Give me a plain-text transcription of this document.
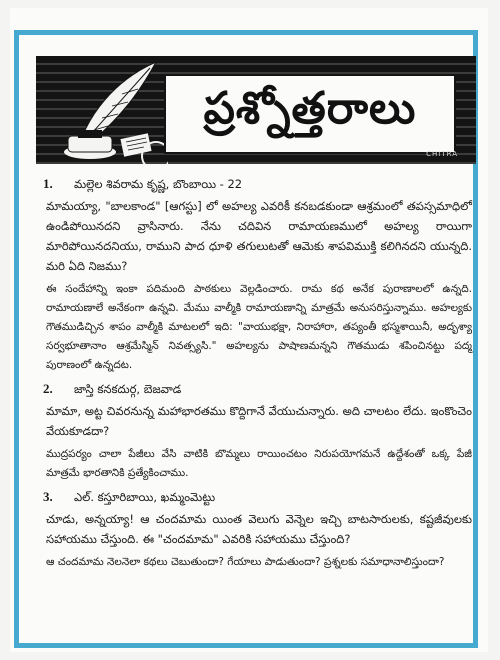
ప్రశ్నోత్తరాలు
CHITRA
1. మల్లెల శివరామ కృష్ణ, బొంబాయి - 22
మామయ్యా, "బాలకాండ" [ఆగస్టు] లో అహల్య ఎవరికీ కనబడకుండా ఆశ్రమంలో తపస్సమాధిలో ఉండిపోయినదని వ్రాసినారు. నేను చదివిన రామాయణములో అహల్య రాయిగా మారిపోయినదనియు, రాముని పాద ధూళి తగులుటతో ఆమెకు శాపవిముక్తి కలిగినదని యున్నది. మరి ఏది నిజము?
ఈ సందేహాన్ని ఇంకా పదిమంది పాఠకులు వెల్లడించారు. రామ కథ అనేక పురాణాలలో ఉన్నది. రామాయణాలే అనేకంగా ఉన్నవి. మేము వాల్మీకి రామాయణాన్ని మాత్రమే అనుసరిస్తున్నాము. అహల్యకు గౌతముడిచ్చిన శాపం వాల్మీకి మాటలలో ఇది: "వాయుభక్షా, నిరాహారా, తప్యంతీ భస్మశాయినీ, అదృశ్యా సర్వభూతానాం ఆశ్రమేస్మిన్ నివత్స్యసి." అహల్యను పాషాణమన్నని గౌతముడు శపించినట్టు పద్మ పురాణంలో ఉన్నదట.
2. జాస్తి కనకదుర్గ, బెజవాడ
మామా, అట్ట చివరనున్న మహాభారతము కొద్దిగానే వేయుచున్నారు. అది చాలటం లేదు. ఇంకొంచెం వేయకూడదా?
ముద్రపర్యం చాలా పేజీలు వేసి వాటికి బొమ్మలు రాయించటం నిరుపయోగమనే ఉద్దేశంతో ఒక్క పేజీ మాత్రమే భారతానికి ప్రత్యేకించాము.
3. ఎల్. కస్తూరిబాయి, ఖమ్మంమెట్టు
చూడు, అన్నయ్యా! ఆ చందమామ యింత వెలుగు వెన్నెల ఇచ్చి బాటసారులకు, కష్టజీవులకు సహాయము చేస్తుంది. ఈ "చందమామ" ఎవరికి సహాయము చేస్తుంది?
ఆ చందమామ నెలనెలా కథలు చెబుతుందా? గేయాలు పాడుతుందా? ప్రశ్నలకు సమాధానాలిస్తుందా?
